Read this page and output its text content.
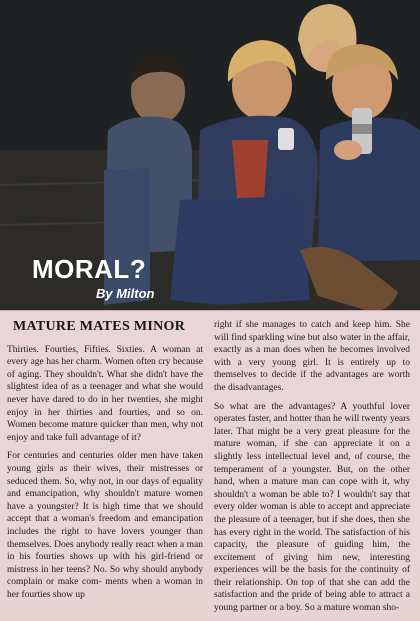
MORAL?
By Milton
MATURE MATES MINOR

Thirties. Fourties, Fifties. Sixties. A woman at every age has her charm. Women often cry because of aging. They shouldn't. What she didn't have the slightest idea of as a teenager and what she would never have dared to do in her twenties, she might enjoy in her thirties and fourties, and so on. Women become mature quicker than men, why not enjoy and take full advantage of it?

For centuries and centuries older men have taken young girls as their wives, their mistresses or seduced them. So, why not, in our days of equality and emancipation, why shouldn't mature women have a youngster? It is high time that we should accept that a woman's freedom and emancipation includes the right to have lovers younger than themselves. Does anybody really react when a man in his fourties shows up with his girl-friend or mistress in her teens? No. So why should anybody complain or make com- ments when a woman in her fourties show up

right if she manages to catch and keep him. She will find sparkling wine but also water in the affair, exactly as a man does when he becomes involved with a very young girl. It is entirely up to themselves to decide if the advantages are worth the disadvantages.

So what are the advantages? A youthful lover operates faster, and hotter than he will twenty years later. That might be a very great pleasure for the mature woman, if she can appreciate it on a slightly less intellectual level and, of course, the temperament of a youngster. But, on the other hand, when a mature man can cope with it, why shouldn't a woman be able to? I wouldn't say that every older woman is able to accept and appreciate the pleasure of a teenager, but if she does, then she has every right in the world. The satisfaction of his capacity, the pleasure of guiding him, the excitement of giving him new, interesting experiences will be the basis for the continuity of their relationship. On top of that she can add the satisfaction and the pride of being able to attract a young partner or a boy. So a mature woman sho-
